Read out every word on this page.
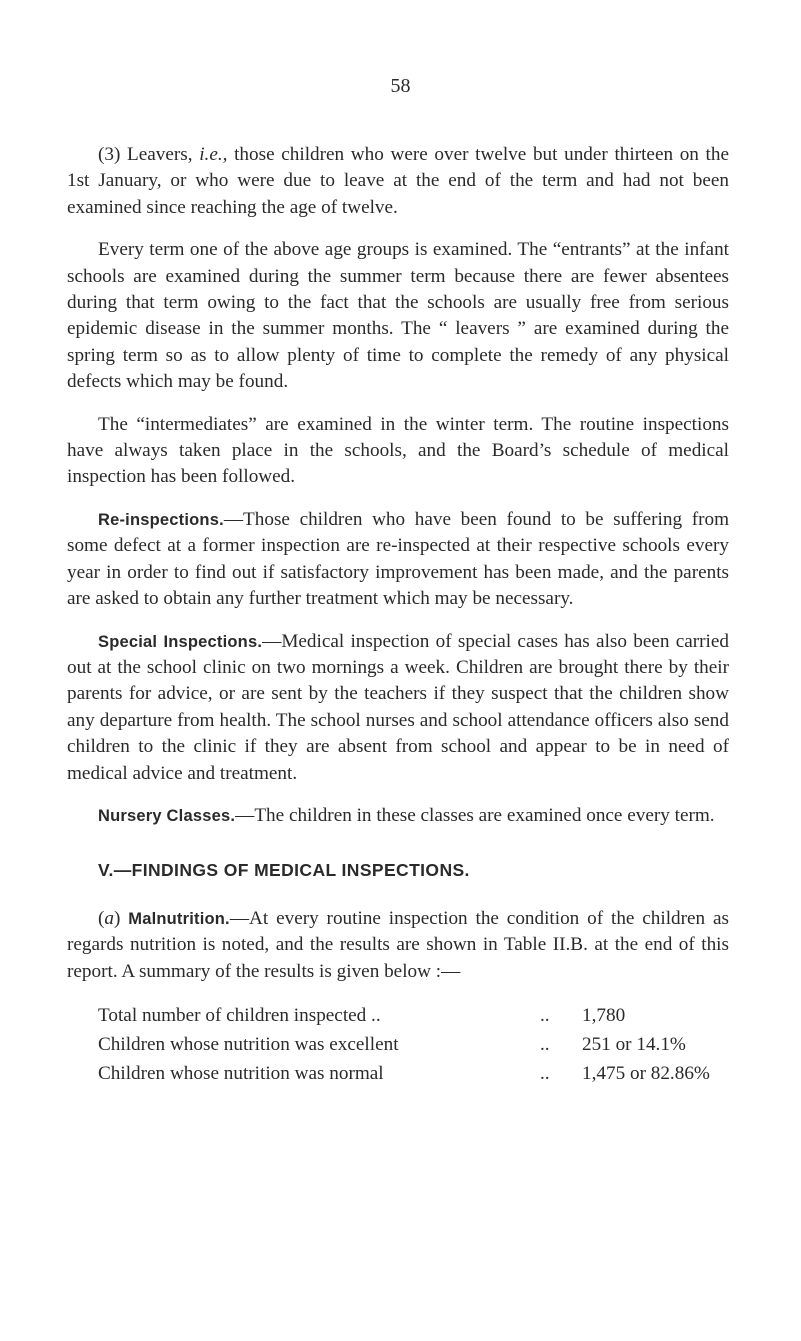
58

(3) Leavers, i.e., those children who were over twelve but under thirteen on the 1st January, or who were due to leave at the end of the term and had not been examined since reaching the age of twelve.

Every term one of the above age groups is examined. The “entrants” at the infant schools are examined during the summer term because there are fewer absentees during that term owing to the fact that the schools are usually free from serious epidemic disease in the summer months. The “ leavers ” are examined during the spring term so as to allow plenty of time to complete the remedy of any physical defects which may be found.

The “intermediates” are examined in the winter term. The routine inspections have always taken place in the schools, and the Board’s schedule of medical inspection has been followed.

Re-inspections.—Those children who have been found to be suffering from some defect at a former inspection are re-inspected at their respective schools every year in order to find out if satisfactory improvement has been made, and the parents are asked to obtain any further treatment which may be necessary.

Special Inspections.—Medical inspection of special cases has also been carried out at the school clinic on two mornings a week. Children are brought there by their parents for advice, or are sent by the teachers if they suspect that the children show any departure from health. The school nurses and school attendance officers also send children to the clinic if they are absent from school and appear to be in need of medical advice and treatment.

Nursery Classes.—The children in these classes are examined once every term.

V.—FINDINGS OF MEDICAL INSPECTIONS.

(a) Malnutrition.—At every routine inspection the condition of the children as regards nutrition is noted, and the results are shown in Table II.B. at the end of this report. A summary of the results is given below :—

Total number of children inspected ..	..	1,780
Children whose nutrition was excellent	..	251 or 14.1%
Children whose nutrition was normal	..	1,475 or 82.86%
